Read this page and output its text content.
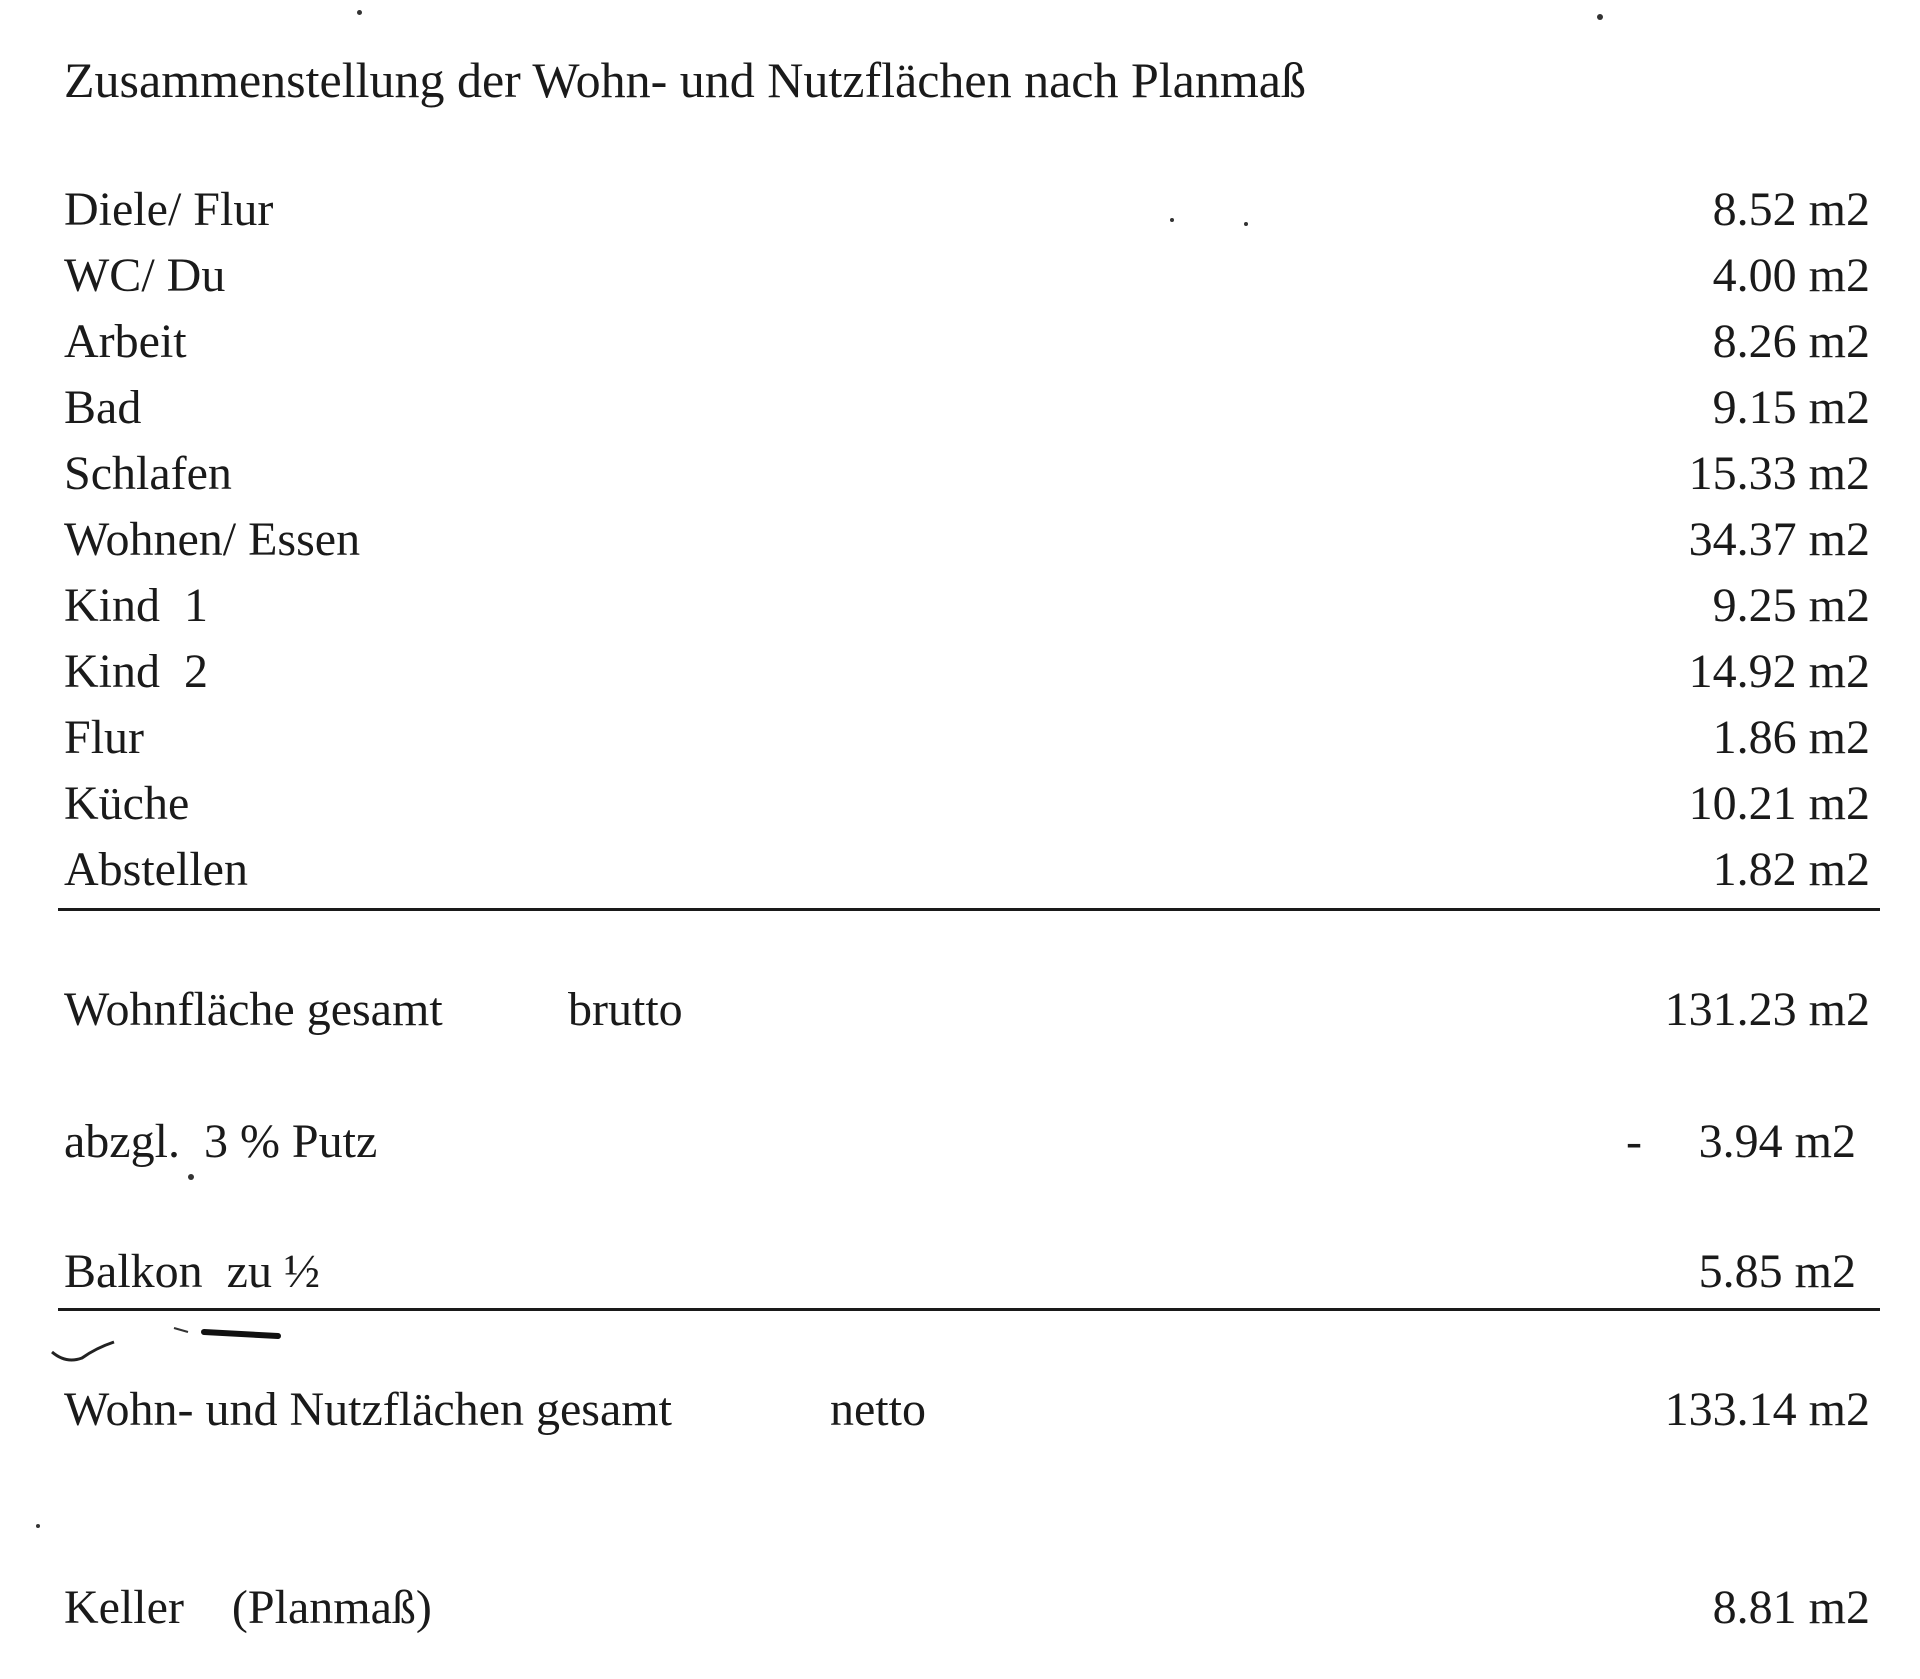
Zusammenstellung der Wohn- und Nutzflächen nach Planmaß
Diele/ Flur	8.52 m2
WC/ Du	4.00 m2
Arbeit	8.26 m2
Bad	9.15 m2
Schlafen	15.33 m2
Wohnen/ Essen	34.37 m2
Kind  1	9.25 m2
Kind  2	14.92 m2
Flur	1.86 m2
Küche	10.21 m2
Abstellen	1.82 m2
Wohnfläche gesamt	brutto	131.23 m2
abzgl.  3 % Putz	- 3.94 m2
Balkon  zu ½	5.85 m2
Wohn- und Nutzflächen gesamt	netto	133.14 m2
Keller    (Planmaß)	8.81 m2
